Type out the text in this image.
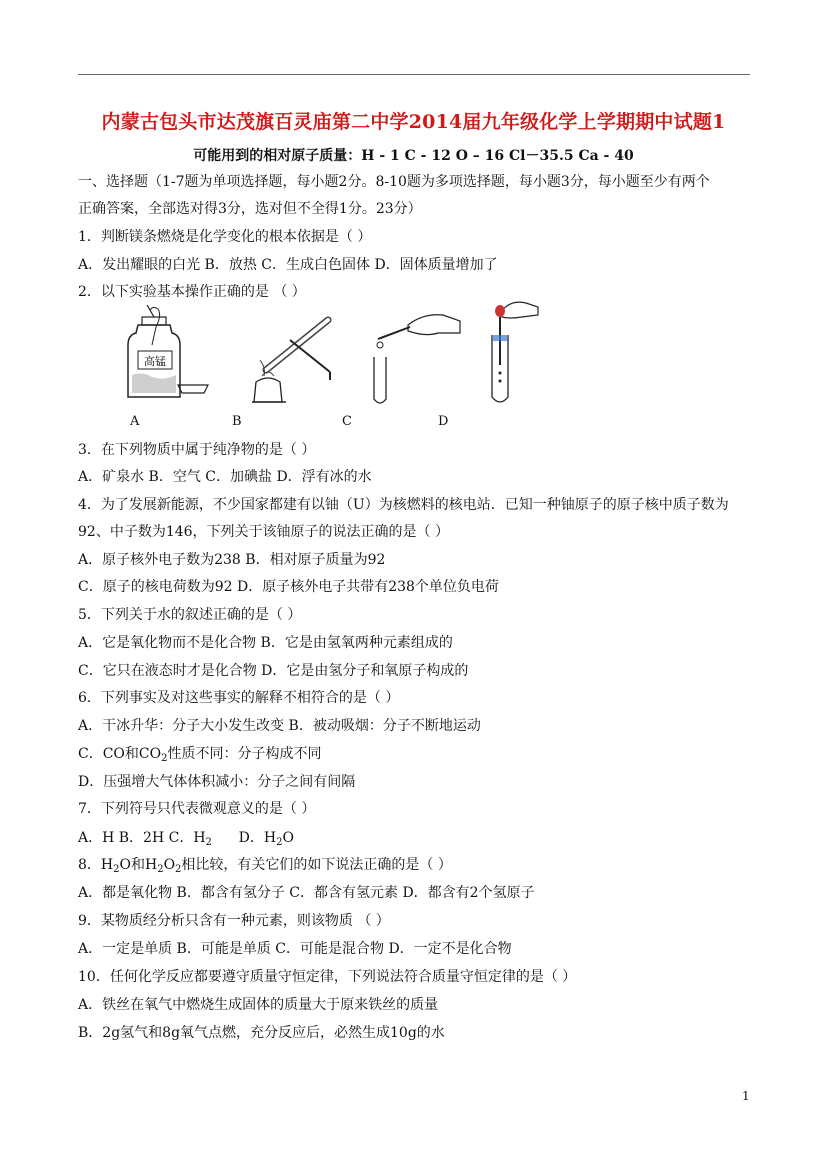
内蒙古包头市达茂旗百灵庙第二中学2014届九年级化学上学期期中试题1
可能用到的相对原子质量：H - 1 C - 12 O – 16 Cl－35.5 Ca - 40
一、选择题（1-7题为单项选择题，每小题2分。8-10题为多项选择题，每小题3分，每小题至少有两个
正确答案，全部选对得3分，选对但不全得1分。23分）
1．判断镁条燃烧是化学变化的根本依据是（ ）
A．发出耀眼的白光 B．放热 C．生成白色固体 D．固体质量增加了
2．以下实验基本操作正确的是 （ ）
高锰
A	B	C	D
3．在下列物质中属于纯净物的是（ ）
A．矿泉水 B．空气 C．加碘盐 D．浮有冰的水
4．为了发展新能源，不少国家都建有以铀（U）为核燃料的核电站．已知一种铀原子的原子核中质子数为
92、中子数为146，下列关于该铀原子的说法正确的是（ ）
A．原子核外电子数为238 B．相对原子质量为92
C．原子的核电荷数为92 D．原子核外电子共带有238个单位负电荷
5．下列关于水的叙述正确的是（ ）
A．它是氧化物而不是化合物 B．它是由氢氧两种元素组成的
C．它只在液态时才是化合物 D．它是由氢分子和氧原子构成的
6．下列事实及对这些事实的解释不相符合的是（ ）
A．干冰升华：分子大小发生改变 B．被动吸烟：分子不断地运动
C．CO和$CO_2$性质不同：分子构成不同
D．压强增大气体体积减小：分子之间有间隔
7．下列符号只代表微观意义的是（ ）
A．H B．2H C．$H_2$      D．$H_2O$
8．$H_2O$和$H_2O_2$相比较，有关它们的如下说法正确的是（ ）
A．都是氧化物 B．都含有氢分子 C．都含有氢元素 D．都含有2个氢原子
9．某物质经分析只含有一种元素，则该物质 （ ）
A．一定是单质 B．可能是单质 C．可能是混合物 D．一定不是化合物
10．任何化学反应都要遵守质量守恒定律，下列说法符合质量守恒定律的是（ ）
A．铁丝在氧气中燃烧生成固体的质量大于原来铁丝的质量
B．2g氢气和8g氧气点燃，充分反应后，必然生成10g的水
1
